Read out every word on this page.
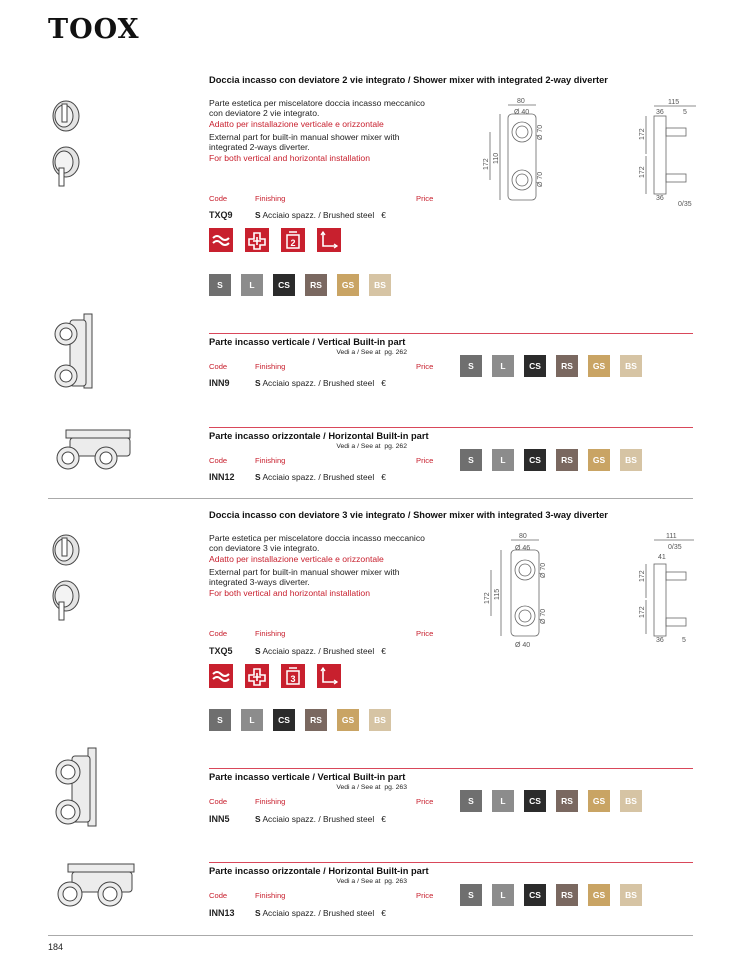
TOOX
Doccia incasso con deviatore 2 vie integrato / Shower mixer with integrated 2-way diverter
Parte estetica per miscelatore doccia incasso meccanico con deviatore 2 vie integrato.
Adatto per installazione verticale e orizzontale
External part for built-in manual shower mixer with integrated 2-ways diverter.
For both vertical and horizontal installation
80
Ø 40
Ø 70
Ø 70
110
172
115
36	5
172
172
36
0/35
Code	Finishing	Price
TXQ9	S Acciaio spazz. / Brushed steel €
2
S	L	CS	RS	GS	BS
Parte incasso verticale / Vertical Built-in part
Vedi a / See at pg. 262
Code	Finishing	Price
INN9	S Acciaio spazz. / Brushed steel €
S	L	CS	RS	GS	BS
Parte incasso orizzontale / Horizontal Built-in part
Vedi a / See at pg. 262
Code	Finishing	Price
INN12 S Acciaio spazz. / Brushed steel €
S	L	CS	RS	GS	BS
Doccia incasso con deviatore 3 vie integrato / Shower mixer with integrated 3-way diverter
Parte estetica per miscelatore doccia incasso meccanico con deviatore 3 vie integrato.
Adatto per installazione verticale e orizzontale
External part for built-in manual shower mixer with integrated 3-ways diverter.
For both vertical and horizontal installation
80
Ø 46
Ø 70
Ø 70
115
172
Ø 40
111
0/35
41
172
172
36	5
Code	Finishing	Price
TXQ5	S Acciaio spazz. / Brushed steel €
3
S	L	CS	RS	GS	BS
Parte incasso verticale / Vertical Built-in part
Vedi a / See at pg. 263
Code	Finishing	Price
INN5	S Acciaio spazz. / Brushed steel €
S	L	CS	RS	GS	BS
Parte incasso orizzontale / Horizontal Built-in part
Vedi a / See at pg. 263
Code	Finishing	Price
INN13 S Acciaio spazz. / Brushed steel €
S	L	CS	RS	GS	BS
184
